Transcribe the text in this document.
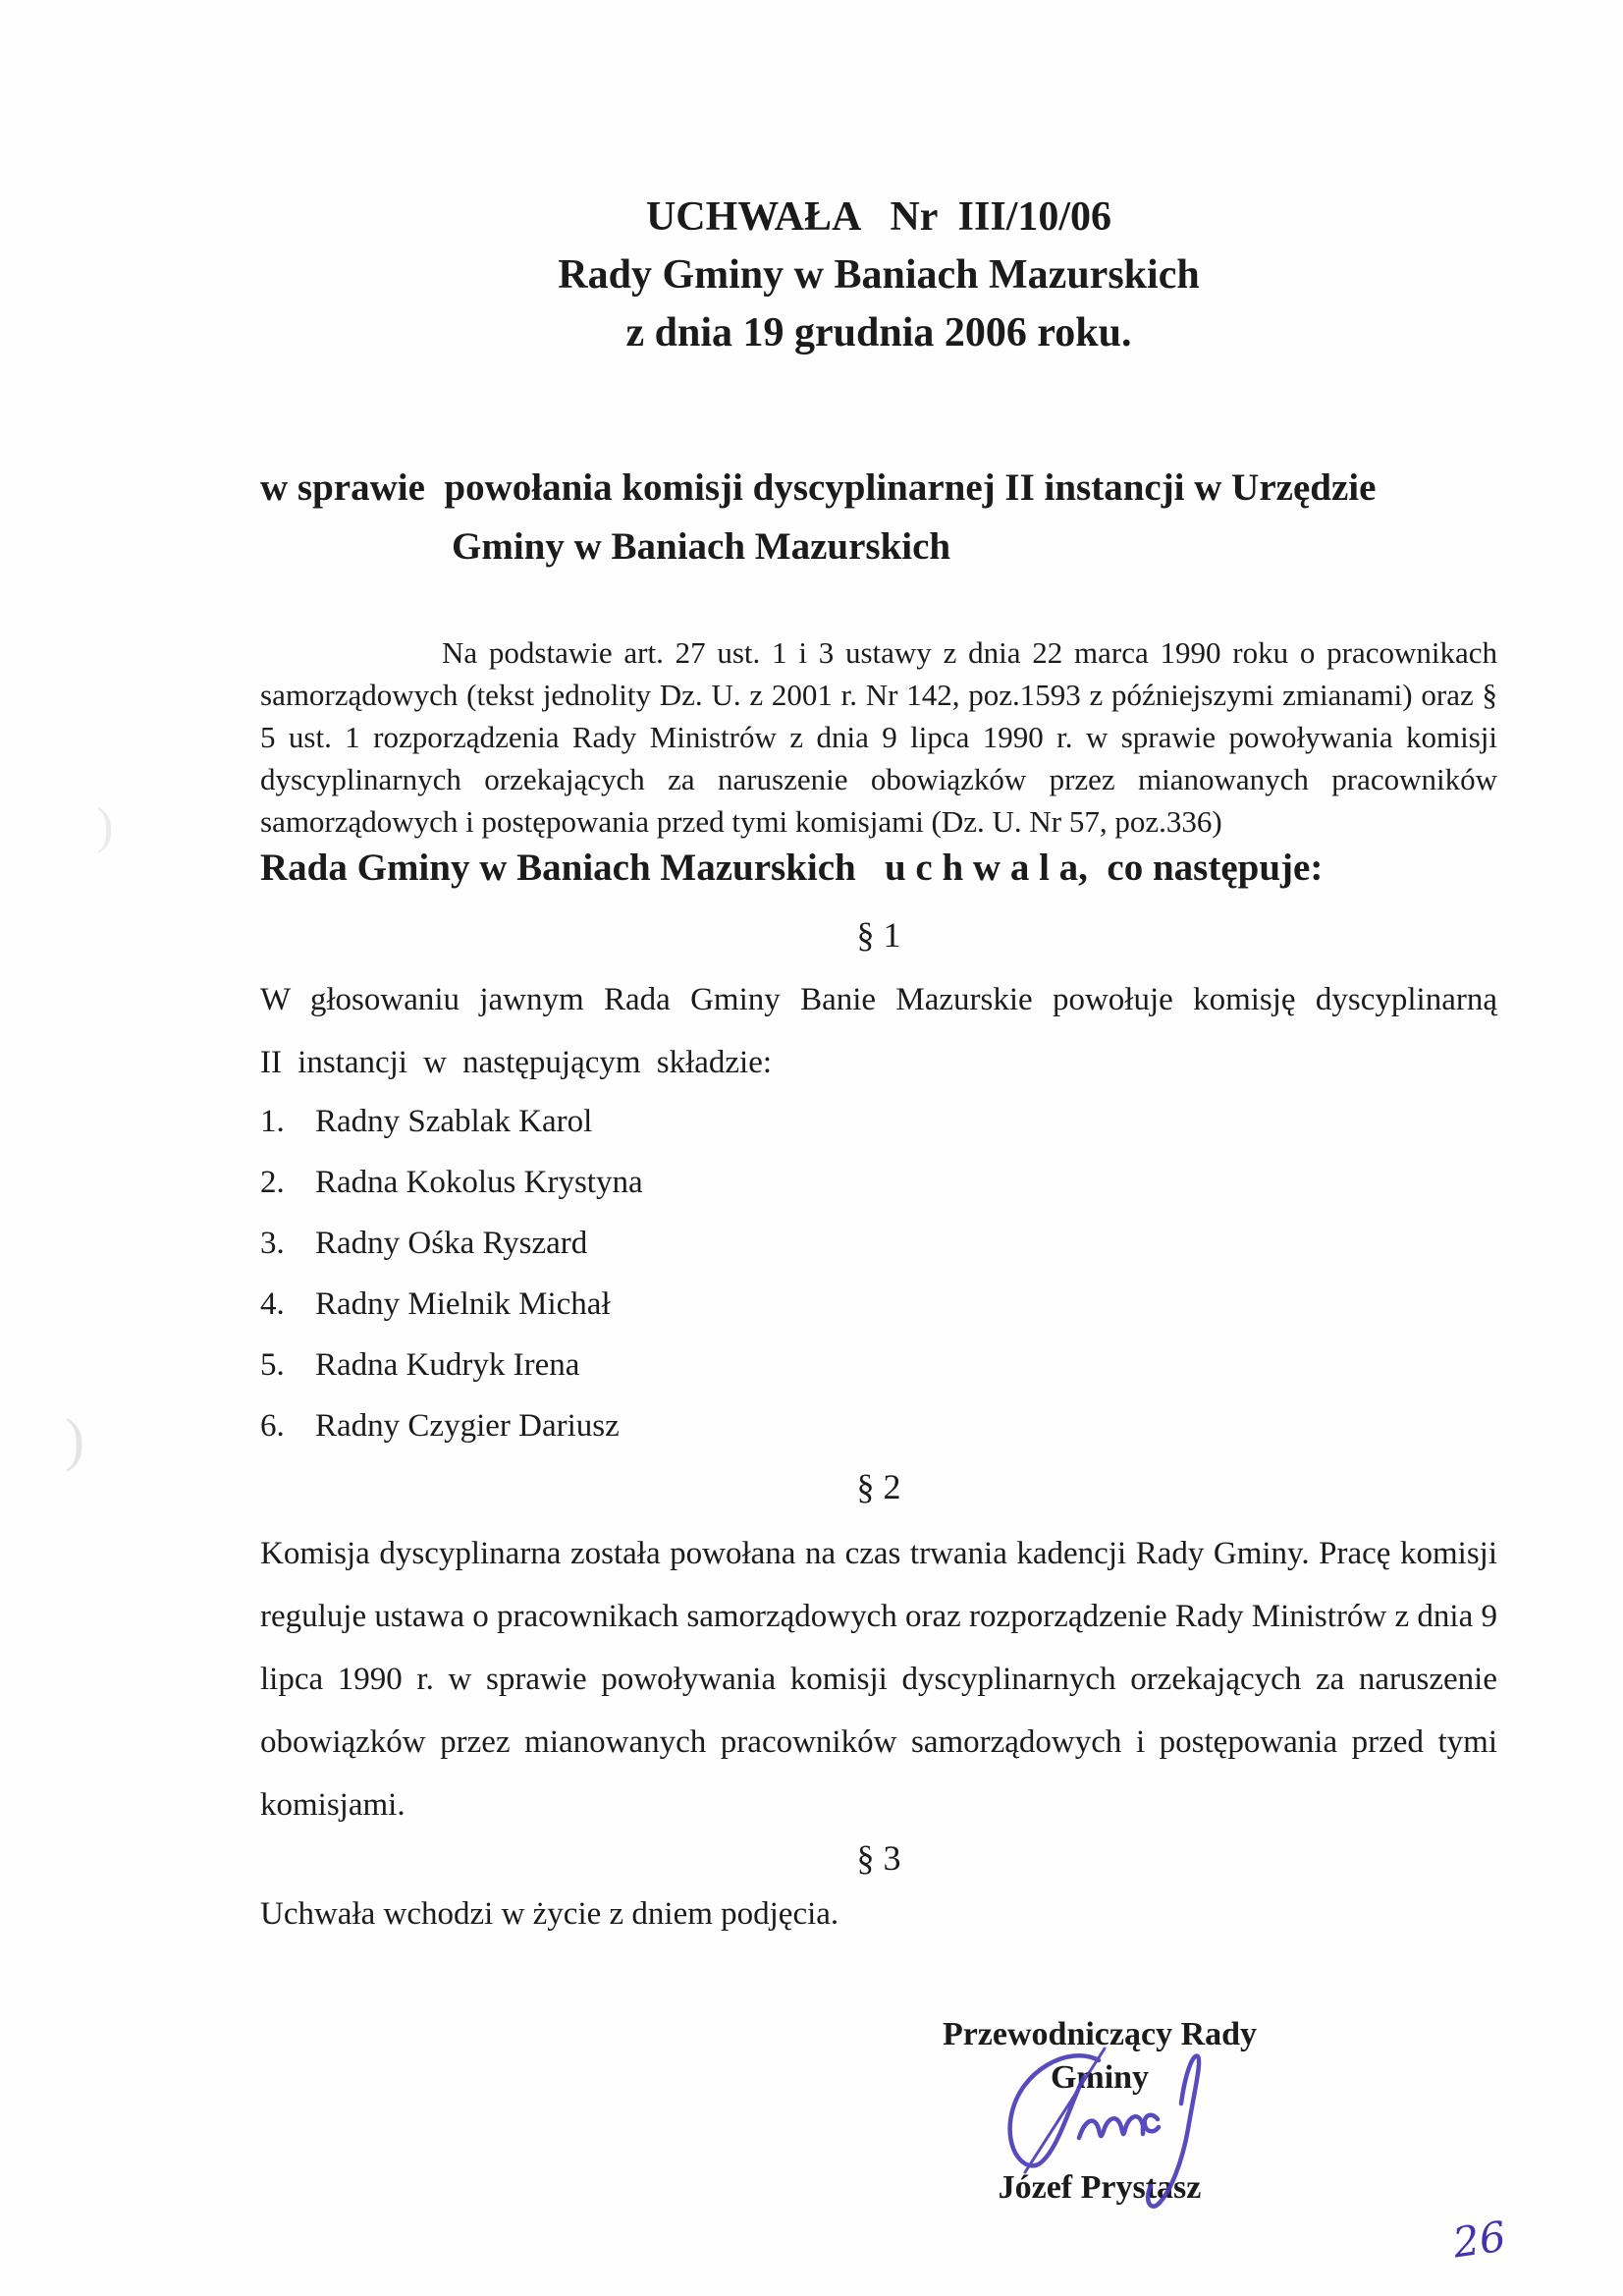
UCHWAŁA   Nr  III/10/06
Rady Gminy w Baniach Mazurskich
z dnia 19 grudnia 2006 roku.
w sprawie  powołania komisji dyscyplinarnej II instancji w Urzędzie
Gminy w Baniach Mazurskich

Na podstawie art. 27 ust. 1 i 3 ustawy z dnia 22 marca 1990 roku o pracownikach samorządowych (tekst jednolity Dz. U. z 2001 r. Nr 142, poz.1593 z późniejszymi zmianami) oraz § 5 ust. 1 rozporządzenia Rady Ministrów z dnia 9 lipca 1990 r. w sprawie powoływania komisji dyscyplinarnych orzekających za naruszenie obowiązków przez mianowanych pracowników samorządowych i postępowania przed tymi komisjami (Dz. U. Nr 57, poz.336)

Rada Gminy w Baniach Mazurskich   u c h w a l a,  co następuje:
§ 1

W głosowaniu jawnym Rada Gminy Banie Mazurskie powołuje komisję dyscyplinarną II instancji w następującym składzie:

1. Radny Szablak Karol
2. Radna Kokolus Krystyna
3. Radny Ośka Ryszard
4. Radny Mielnik Michał
5. Radna Kudryk Irena
6. Radny Czygier Dariusz
§ 2

Komisja dyscyplinarna została powołana na czas trwania kadencji Rady Gminy. Pracę komisji reguluje ustawa o pracownikach samorządowych oraz rozporządzenie Rady Ministrów z dnia 9 lipca 1990 r. w sprawie powoływania komisji dyscyplinarnych orzekających za naruszenie obowiązków przez mianowanych pracowników samorządowych i postępowania przed tymi komisjami.

§ 3

Uchwała wchodzi w życie z dniem podjęcia.

Przewodniczący Rady Gminy
Józef Prystasz
)
)
26
